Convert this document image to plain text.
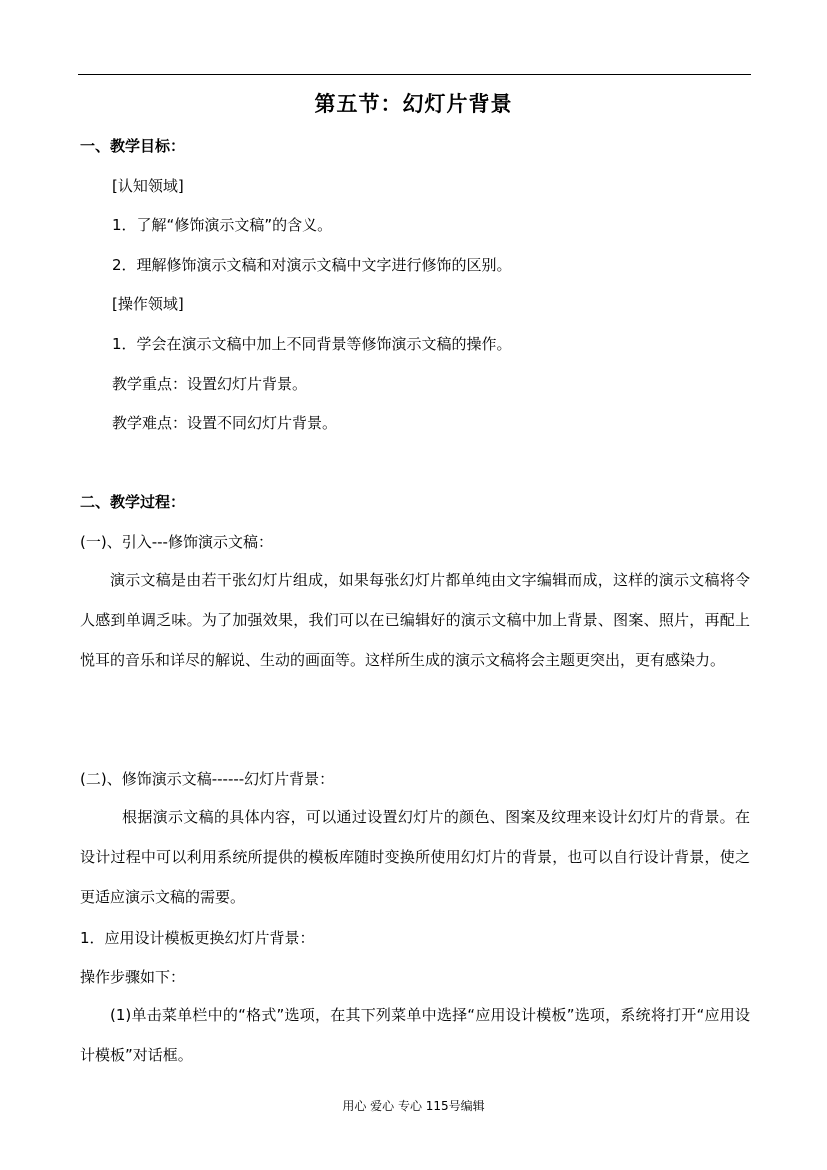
第五节：幻灯片背景
一、教学目标：
[认知领域]
1．了解“修饰演示文稿”的含义。
2．理解修饰演示文稿和对演示文稿中文字进行修饰的区别。
[操作领域]
1．学会在演示文稿中加上不同背景等修饰演示文稿的操作。
教学重点：设置幻灯片背景。
教学难点：设置不同幻灯片背景。
二、教学过程：
(一)、引入---修饰演示文稿：
演示文稿是由若干张幻灯片组成，如果每张幻灯片都单纯由文字编辑而成，这样的演示文稿将令人感到单调乏味。为了加强效果，我们可以在已编辑好的演示文稿中加上背景、图案、照片，再配上悦耳的音乐和详尽的解说、生动的画面等。这样所生成的演示文稿将会主题更突出，更有感染力。
(二)、修饰演示文稿------幻灯片背景：
根据演示文稿的具体内容，可以通过设置幻灯片的颜色、图案及纹理来设计幻灯片的背景。在设计过程中可以利用系统所提供的模板库随时变换所使用幻灯片的背景，也可以自行设计背景，使之更适应演示文稿的需要。
1．应用设计模板更换幻灯片背景：
操作步骤如下：
(1)单击菜单栏中的“格式”选项，在其下列菜单中选择“应用设计模板”选项，系统将打开“应用设计模板”对话框。
用心 爱心 专心 115号编辑
